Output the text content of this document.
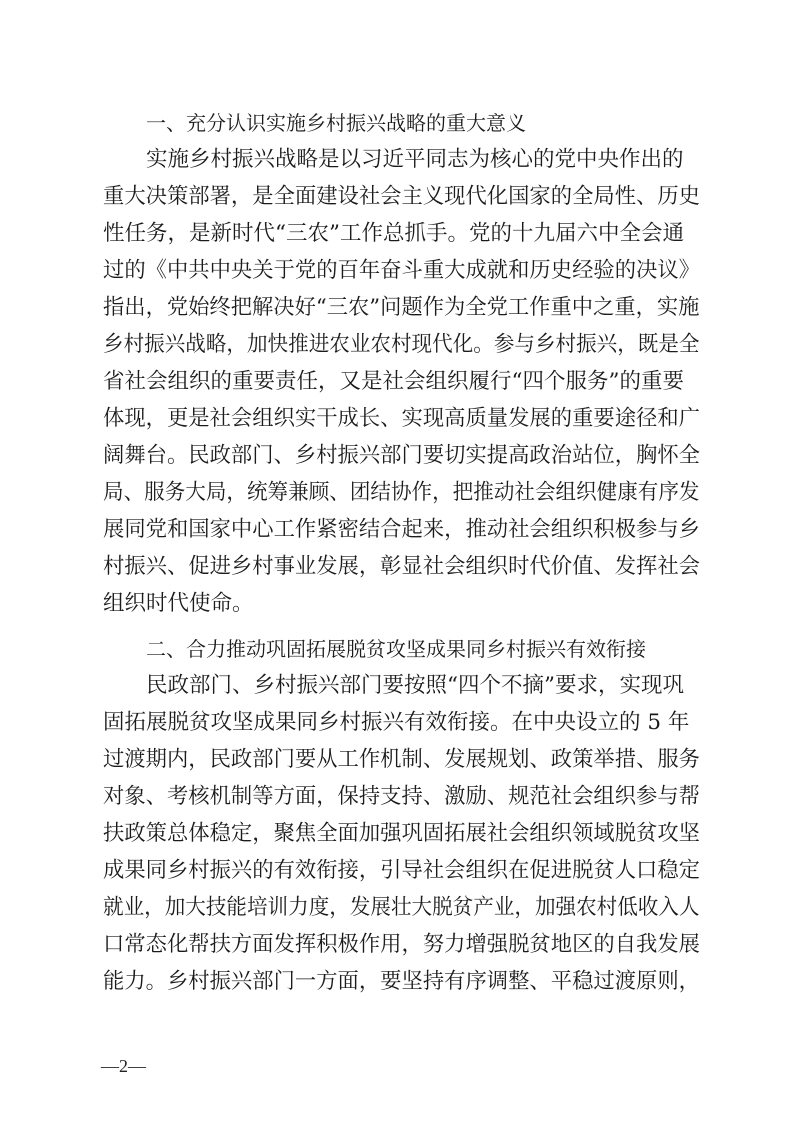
一、充分认识实施乡村振兴战略的重大意义
实施乡村振兴战略是以习近平同志为核心的党中央作出的
重大决策部署，是全面建设社会主义现代化国家的全局性、历史
性任务，是新时代“三农”工作总抓手。党的十九届六中全会通
过的《中共中央关于党的百年奋斗重大成就和历史经验的决议》
指出，党始终把解决好“三农”问题作为全党工作重中之重，实施
乡村振兴战略，加快推进农业农村现代化。参与乡村振兴，既是全
省社会组织的重要责任，又是社会组织履行“四个服务”的重要
体现，更是社会组织实干成长、实现高质量发展的重要途径和广
阔舞台。民政部门、乡村振兴部门要切实提高政治站位，胸怀全
局、服务大局，统筹兼顾、团结协作，把推动社会组织健康有序发
展同党和国家中心工作紧密结合起来，推动社会组织积极参与乡
村振兴、促进乡村事业发展，彰显社会组织时代价值、发挥社会
组织时代使命。
二、合力推动巩固拓展脱贫攻坚成果同乡村振兴有效衔接
民政部门、乡村振兴部门要按照“四个不摘”要求，实现巩
固拓展脱贫攻坚成果同乡村振兴有效衔接。在中央设立的 5 年
过渡期内，民政部门要从工作机制、发展规划、政策举措、服务
对象、考核机制等方面，保持支持、激励、规范社会组织参与帮
扶政策总体稳定，聚焦全面加强巩固拓展社会组织领域脱贫攻坚
成果同乡村振兴的有效衔接，引导社会组织在促进脱贫人口稳定
就业，加大技能培训力度，发展壮大脱贫产业，加强农村低收入人
口常态化帮扶方面发挥积极作用，努力增强脱贫地区的自我发展
能力。乡村振兴部门一方面，要坚持有序调整、平稳过渡原则，
—2—
